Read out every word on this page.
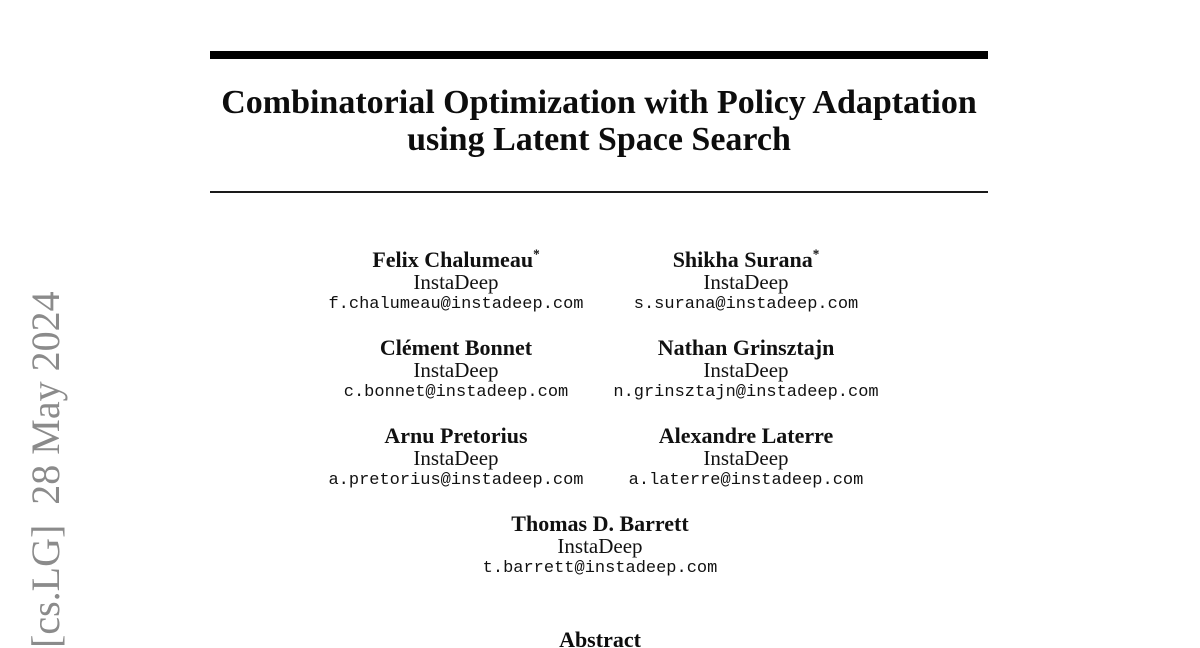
[cs.LG]  28 May 2024
Combinatorial Optimization with Policy Adaptation
using Latent Space Search
Felix Chalumeau*
InstaDeep
f.chalumeau@instadeep.com
Shikha Surana*
InstaDeep
s.surana@instadeep.com
Clément Bonnet
InstaDeep
c.bonnet@instadeep.com
Nathan Grinsztajn
InstaDeep
n.grinsztajn@instadeep.com
Arnu Pretorius
InstaDeep
a.pretorius@instadeep.com
Alexandre Laterre
InstaDeep
a.laterre@instadeep.com
Thomas D. Barrett
InstaDeep
t.barrett@instadeep.com
Abstract
